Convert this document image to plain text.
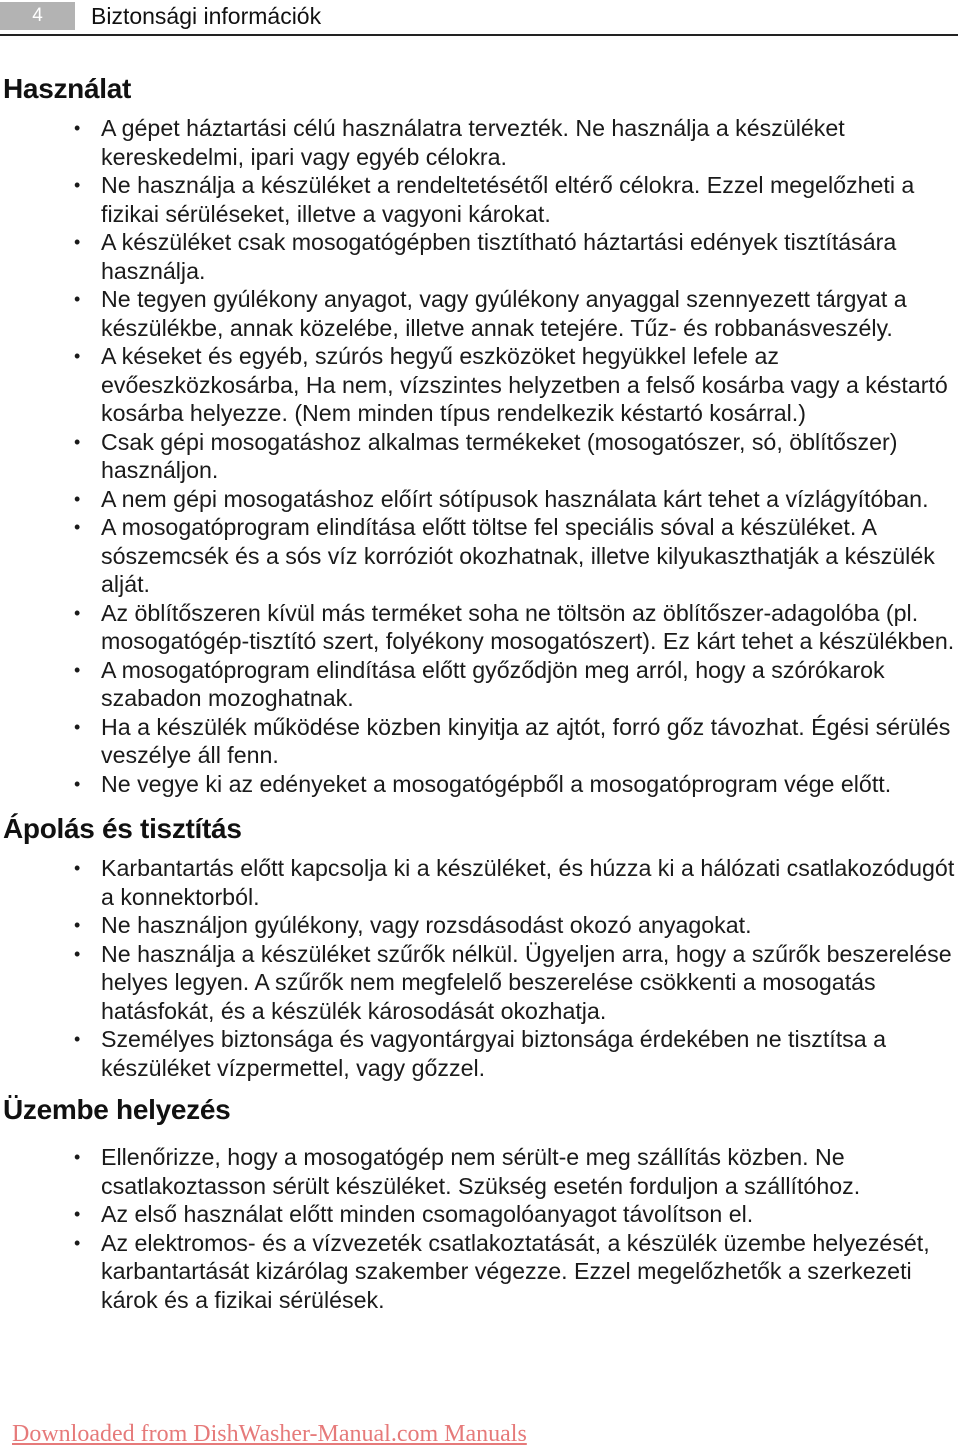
4	Biztonsági információk
Használat
• A gépet háztartási célú használatra tervezték. Ne használja a készüléket kereskedelmi, ipari vagy egyéb célokra.
• Ne használja a készüléket a rendeltetésétől eltérő célokra. Ezzel megelőzheti a fizikai sérüléseket, illetve a vagyoni károkat.
• A készüléket csak mosogatógépben tisztítható háztartási edények tisztítására használja.
• Ne tegyen gyúlékony anyagot, vagy gyúlékony anyaggal szennyezett tárgyat a készülékbe, annak közelébe, illetve annak tetejére. Tűz- és robbanásveszély.
• A késeket és egyéb, szúrós hegyű eszközöket hegyükkel lefele az evőeszközkosárba, Ha nem, vízszintes helyzetben a felső kosárba vagy a késtartó kosárba helyezze. (Nem minden típus rendelkezik késtartó kosárral.)
• Csak gépi mosogatáshoz alkalmas termékeket (mosogatószer, só, öblítőszer) használjon.
• A nem gépi mosogatáshoz előírt sótípusok használata kárt tehet a vízlágyítóban.
• A mosogatóprogram elindítása előtt töltse fel speciális sóval a készüléket. A sószemcsék és a sós víz korróziót okozhatnak, illetve kilyukaszthatják a készülék alját.
• Az öblítőszeren kívül más terméket soha ne töltsön az öblítőszer-adagolóba (pl. mosogatógép-tisztító szert, folyékony mosogatószert). Ez kárt tehet a készülékben.
• A mosogatóprogram elindítása előtt győződjön meg arról, hogy a szórókarok szabadon mozoghatnak.
• Ha a készülék működése közben kinyitja az ajtót, forró gőz távozhat. Égési sérülés veszélye áll fenn.
• Ne vegye ki az edényeket a mosogatógépből a mosogatóprogram vége előtt.
Ápolás és tisztítás
• Karbantartás előtt kapcsolja ki a készüléket, és húzza ki a hálózati csatlakozódugót a konnektorból.
• Ne használjon gyúlékony, vagy rozsdásodást okozó anyagokat.
• Ne használja a készüléket szűrők nélkül. Ügyeljen arra, hogy a szűrők beszerelése helyes legyen. A szűrők nem megfelelő beszerelése csökkenti a mosogatás hatásfokát, és a készülék károsodását okozhatja.
• Személyes biztonsága és vagyontárgyai biztonsága érdekében ne tisztítsa a készüléket vízpermettel, vagy gőzzel.
Üzembe helyezés
• Ellenőrizze, hogy a mosogatógép nem sérült-e meg szállítás közben. Ne csatlakoztasson sérült készüléket. Szükség esetén forduljon a szállítóhoz.
• Az első használat előtt minden csomagolóanyagot távolítson el.
• Az elektromos- és a vízvezeték csatlakoztatását, a készülék üzembe helyezését, karbantartását kizárólag szakember végezze. Ezzel megelőzhetők a szerkezeti károk és a fizikai sérülések.
Downloaded from DishWasher-Manual.com Manuals
